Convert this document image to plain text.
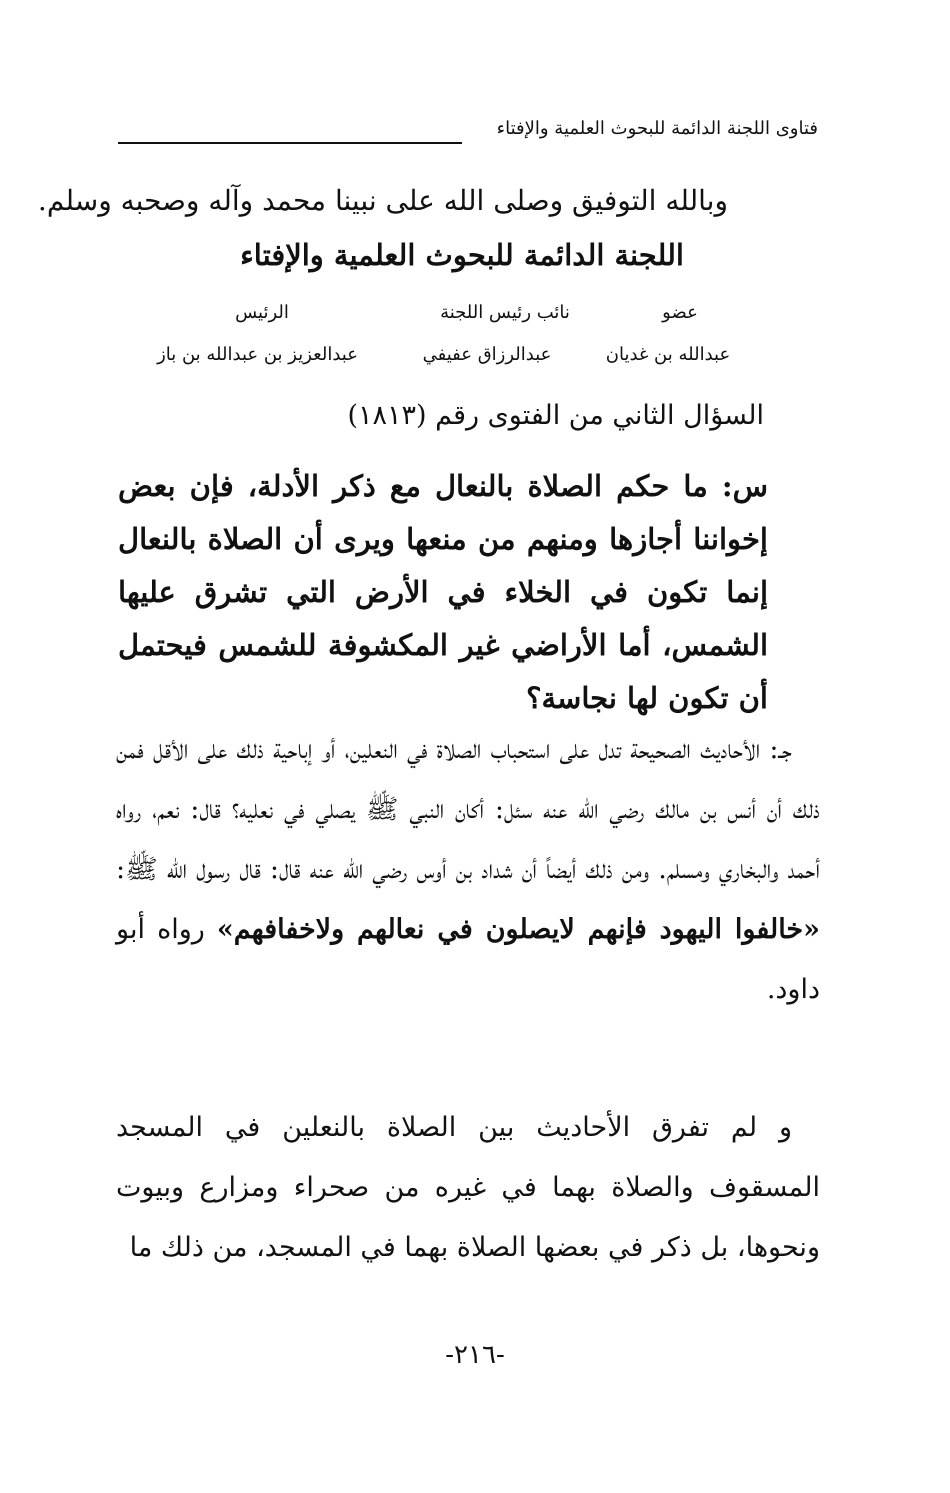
فتاوى اللجنة الدائمة للبحوث العلمية والإفتاء
وبالله التوفيق وصلى الله على نبينا محمد وآله وصحبه وسلم.
اللجنة الدائمة للبحوث العلمية والإفتاء
عضو
نائب رئيس اللجنة
الرئيس
عبدالله بن غديان
عبدالرزاق عفيفي
عبدالعزيز بن عبدالله بن باز
السؤال الثاني من الفتوى رقم (١٨١٣)
س: ما حكم الصلاة بالنعال مع ذكر الأدلة، فإن بعض إخواننا أجازها ومنهم من منعها ويرى أن الصلاة بالنعال إنما تكون في الخلاء في الأرض التي تشرق عليها الشمس، أما الأراضي غير المكشوفة للشمس فيحتمل أن تكون لها نجاسة؟

جـ: الأحاديث الصحيحة تدل على استحباب الصلاة في النعلين، أو إباحية ذلك على الأقل فمن ذلك أن أنس بن مالك رضي الله عنه سئل: أكان النبي ﷺ يصلي في نعليه؟ قال: نعم، رواه أحمد والبخاري ومسلم. ومن ذلك أيضاً أن شداد بن أوس رضي الله عنه قال: قال رسول الله ﷺ: «خالفوا اليهود فإنهم لايصلون في نعالهم ولاخفافهم» رواه أبو داود.

و لم تفرق الأحاديث بين الصلاة بالنعلين في المسجد المسقوف والصلاة بهما في غيره من صحراء ومزارع وبيوت ونحوها، بل ذكر في بعضها الصلاة بهما في المسجد، من ذلك ما
-٢١٦-
